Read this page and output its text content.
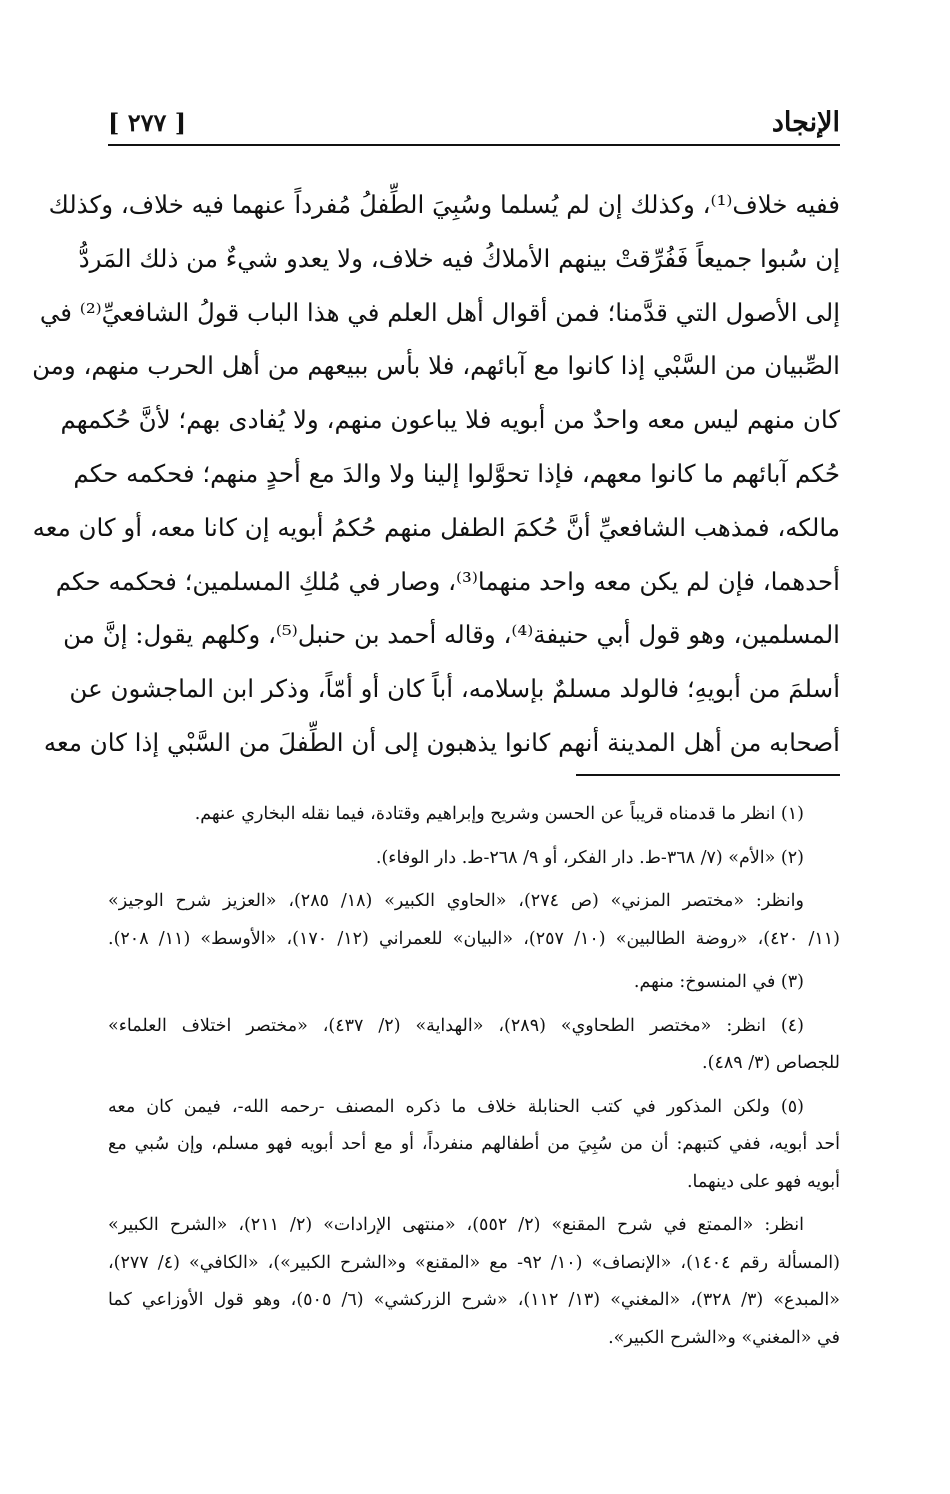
الإنجاد
[ ٢٧٧ ]

ففيه خلاف⁽¹⁾، وكذلك إن لم يُسلما وسُبِيَ الطِّفلُ مُفرداً عنهما فيه خلاف، وكذلك

إن سُبوا جميعاً فَفُرِّقتْ بينهم الأملاكُ فيه خلاف، ولا يعدو شيءٌ من ذلك المَردُّ

إلى الأصول التي قدَّمنا؛ فمن أقوال أهل العلم في هذا الباب قولُ الشافعيِّ⁽²⁾ في

الصِّبيان من السَّبْي إذا كانوا مع آبائهم، فلا بأس ببيعهم من أهل الحرب منهم، ومن

كان منهم ليس معه واحدٌ من أبويه فلا يباعون منهم، ولا يُفادى بهم؛ لأنَّ حُكمهم

حُكم آبائهم ما كانوا معهم، فإذا تحوَّلوا إلينا ولا والدَ مع أحدٍ منهم؛ فحكمه حكم

مالكه، فمذهب الشافعيِّ أنَّ حُكمَ الطفل منهم حُكمُ أبويه إن كانا معه، أو كان معه

أحدهما، فإن لم يكن معه واحد منهما⁽³⁾، وصار في مُلكِ المسلمين؛ فحكمه حكم

المسلمين، وهو قول أبي حنيفة⁽⁴⁾، وقاله أحمد بن حنبل⁽⁵⁾، وكلهم يقول: إنَّ من

أسلمَ من أبويهِ؛ فالولد مسلمٌ بإسلامه، أباً كان أو أمّاً، وذكر ابن الماجشون عن

أصحابه من أهل المدينة أنهم كانوا يذهبون إلى أن الطِّفلَ من السَّبْي إذا كان معه

(١) انظر ما قدمناه قريباً عن الحسن وشريح وإبراهيم وقتادة، فيما نقله البخاري عنهم.

(٢) «الأم» (٧/ ٣٦٨-ط. دار الفكر، أو ٩/ ٢٦٨-ط. دار الوفاء).

وانظر: «مختصر المزني» (ص ٢٧٤)، «الحاوي الكبير» (١٨/ ٢٨٥)، «العزيز شرح الوجيز»

(١١/ ٤٢٠)، «روضة الطالبين» (١٠/ ٢٥٧)، «البيان» للعمراني (١٢/ ١٧٠)، «الأوسط» (١١/ ٢٠٨).

(٣) في المنسوخ: منهم.

(٤) انظر: «مختصر الطحاوي» (٢٨٩)، «الهداية» (٢/ ٤٣٧)، «مختصر اختلاف العلماء»

للجصاص (٣/ ٤٨٩).

(٥) ولكن المذكور في كتب الحنابلة خلاف ما ذكره المصنف -رحمه الله-، فيمن كان معه

أحد أبويه، ففي كتبهم: أن من سُبِيَ من أطفالهم منفرداً، أو مع أحد أبويه فهو مسلم، وإن سُبي مع

أبويه فهو على دينهما.

انظر: «الممتع في شرح المقنع» (٢/ ٥٥٢)، «منتهى الإرادات» (٢/ ٢١١)، «الشرح الكبير»

(المسألة رقم ١٤٠٤)، «الإنصاف» (١٠/ ٩٢- مع «المقنع» و«الشرح الكبير»)، «الكافي» (٤/ ٢٧٧)،

«المبدع» (٣/ ٣٢٨)، «المغني» (١٣/ ١١٢)، «شرح الزركشي» (٦/ ٥٠٥)، وهو قول الأوزاعي كما

في «المغني» و«الشرح الكبير».
